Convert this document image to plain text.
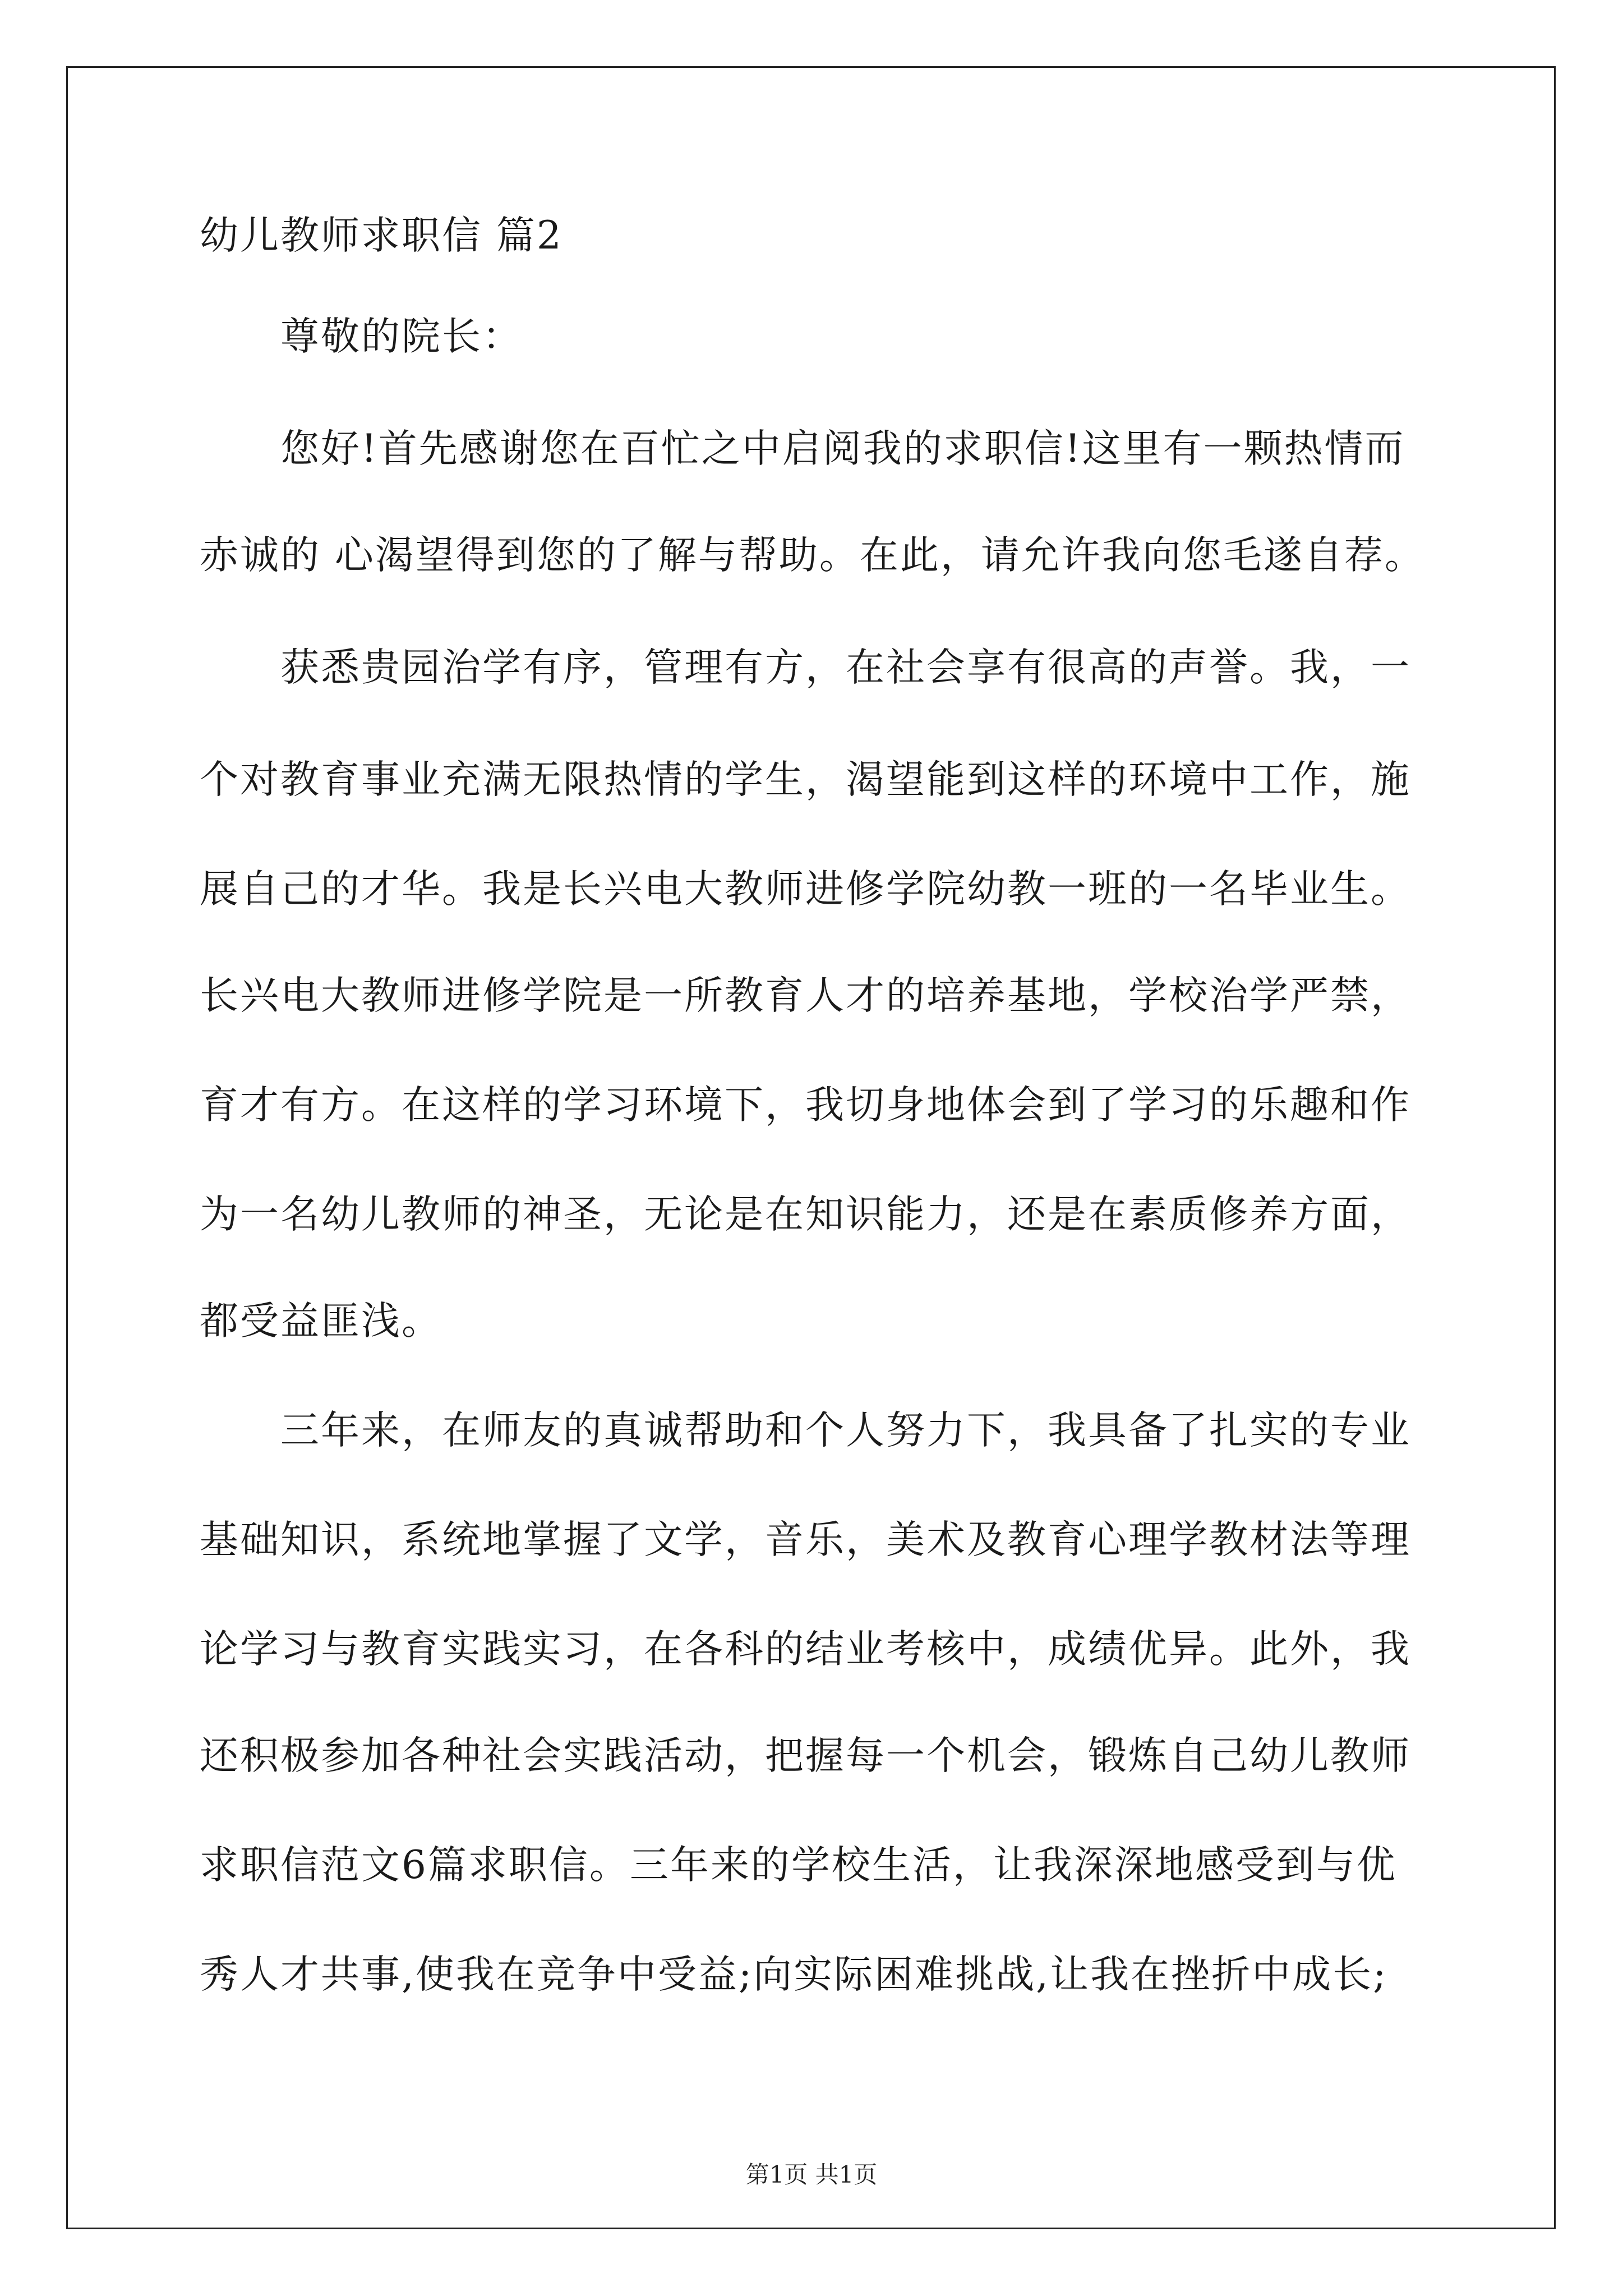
幼儿教师求职信 篇2
尊敬的院长：
您好!首先感谢您在百忙之中启阅我的求职信!这里有一颗热情而
赤诚的 心渴望得到您的了解与帮助。在此，请允许我向您毛遂自荐。
获悉贵园治学有序，管理有方，在社会享有很高的声誉。我，一
个对教育事业充满无限热情的学生，渴望能到这样的环境中工作，施
展自己的才华。我是长兴电大教师进修学院幼教一班的一名毕业生。
长兴电大教师进修学院是一所教育人才的培养基地，学校治学严禁，
育才有方。在这样的学习环境下，我切身地体会到了学习的乐趣和作
为一名幼儿教师的神圣，无论是在知识能力，还是在素质修养方面，
都受益匪浅。
三年来，在师友的真诚帮助和个人努力下，我具备了扎实的专业
基础知识，系统地掌握了文学，音乐，美术及教育心理学教材法等理
论学习与教育实践实习，在各科的结业考核中，成绩优异。此外，我
还积极参加各种社会实践活动，把握每一个机会，锻炼自己幼儿教师
求职信范文6篇求职信。三年来的学校生活，让我深深地感受到与优
秀人才共事,使我在竞争中受益;向实际困难挑战,让我在挫折中成长;
第1页 共1页
